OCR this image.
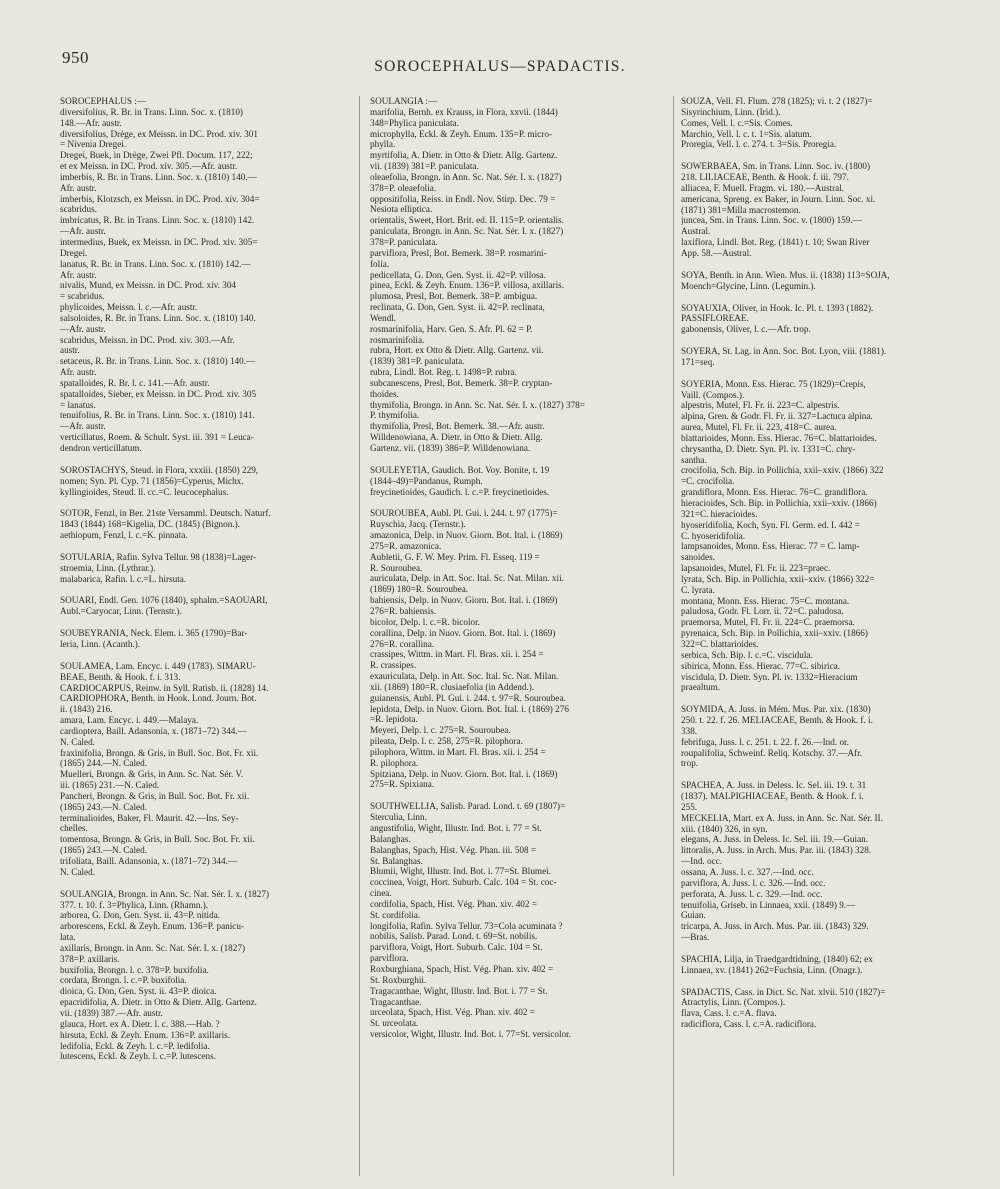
950	SOROCEPHALUS—SPADACTIS.
SOROCEPHALUS :—
diversifolius, R. Br. in Trans. Linn. Soc. x. (1810)
148.—Afr. austr.
diversifolius, Drège, ex Meissn. in DC. Prod. xiv. 301
= Nivenia Dregei.
Dregei, Buek, in Drège, Zwei Pfl. Docum. 117, 222;
et ex Meissn. in DC. Prod. xiv. 305.—Afr. austr.
imberbis, R. Br. in Trans. Linn. Soc. x. (1810) 140.—
Afr. austr.
imberbis, Klotzsch, ex Meissn. in DC. Prod. xiv. 304=
scabridus.
imbricatus, R. Br. in Trans. Linn. Soc. x. (1810) 142.
—Afr. austr.
intermedius, Buek, ex Meissn. in DC. Prod. xiv. 305=
Dregei.
lanatus, R. Br. in Trans. Linn. Soc. x. (1810) 142.—
Afr. austr.
nivalis, Mund, ex Meissn. in DC. Prod. xiv. 304
= scabridus.
phylicoides, Meissn. l. c.—Afr. austr.
salsoloides, R. Br. in Trans. Linn. Soc. x. (1810) 140.
—Afr. austr.
scabridus, Meissn. in DC. Prod. xiv. 303.—Afr.
austr.
setaceus, R. Br. in Trans. Linn. Soc. x. (1810) 140.—
Afr. austr.
spatalloides, R. Br. l. c. 141.—Afr. austr.
spatalloides, Sieber, ex Meissn. in DC. Prod. xiv. 305
= lanatus.
tenuifolius, R. Br. in Trans. Linn. Soc. x. (1810) 141.
—Afr. austr.
verticillatus, Roem. & Schult. Syst. iii. 391 = Leuca-
dendron verticillatum.
SOROSTACHYS, Steud. in Flora, xxxiii. (1850) 229,
nomen; Syn. Pl. Cyp. 71 (1856)=Cyperus, Michx.
kyllingioides, Steud. ll. cc.=C. leucocephalus.
SOTOR, Fenzl, in Ber. 21ste Versamml. Deutsch. Naturf.
1843 (1844) 168=Kigelia, DC. (1845) (Bignon.).
aethiopum, Fenzl, l. c.=K. pinnata.
SOTULARIA, Rafin. Sylva Tellur. 98 (1838)=Lager-
stroemia, Linn. (Lythrar.).
malabarica, Rafin. l. c.=L. hirsuta.
SOUARI, Endl. Gen. 1076 (1840), sphalm.=SAOUARI,
Aubl.=Caryocar, Linn. (Ternstr.).
SOUBEYRANIA, Neck. Elem. i. 365 (1790)=Bar-
leria, Linn. (Acanth.).
SOULAMEA, Lam. Encyc. i. 449 (1783). SIMARU-
BEAE, Benth. & Hook. f. i. 313.
CARDIOCARPUS, Reinw. in Syll. Ratisb. ii. (1828) 14.
CARDIOPHORA, Benth. in Hook. Lond. Journ. Bot.
ii. (1843) 216.
amara, Lam. Encyc. i. 449.—Malaya.
cardioptera, Baill. Adansonia, x. (1871–72) 344.—
N. Caled.
fraxinifolia, Brongn. & Gris, in Bull. Soc. Bot. Fr. xii.
(1865) 244.—N. Caled.
Muelleri, Brongn. & Gris, in Ann. Sc. Nat. Sér. V.
iii. (1865) 231.—N. Caled.
Pancheri, Brongn. & Gris, in Bull. Soc. Bot. Fr. xii.
(1865) 243.—N. Caled.
terminalioides, Baker, Fl. Maurit. 42.—Ins. Sey-
chelles.
tomentosa, Brongn. & Gris, in Bull. Soc. Bot. Fr. xii.
(1865) 243.—N. Caled.
trifoliata, Baill. Adansonia, x. (1871–72) 344.—
N. Caled.
SOULANGIA, Brongn. in Ann. Sc. Nat. Sér. I. x. (1827)
377. t. 10. f. 3=Phylica, Linn. (Rhamn.).
arborea, G. Don, Gen. Syst. ii. 43=P. nitida.
arborescens, Eckl. & Zeyh. Enum. 136=P. panicu-
lata.
axillaris, Brongn. in Ann. Sc. Nat. Sér. I. x. (1827)
378=P. axillaris.
buxifolia, Brongn. l. c. 378=P. buxifolia.
cordata, Brongn. l. c.=P. buxifolia.
dioica, G. Don, Gen. Syst. ii. 43=P. dioica.
epacridifolia, A. Dietr. in Otto & Dietr. Allg. Gartenz.
vii. (1839) 387.—Afr. austr.
glauca, Hort. ex A. Dietr. l. c. 388.—Hab. ?
hirsuta, Eckl. & Zeyh. Enum. 136=P. axillaris.
ledifolia, Eckl. & Zeyh. l. c.=P. ledifolia.
lutescens, Eckl. & Zeyh. l. c.=P. lutescens.
SOULANGIA :—
marifolia, Bernh. ex Krauss, in Flora, xxvii. (1844)
348=Phylica paniculata.
microphylla, Eckl. & Zeyh. Enum. 135=P. micro-
phylla.
myrtifolia, A. Dietr. in Otto & Dietr. Allg. Gartenz.
vii. (1839) 381=P. paniculata.
oleaefolia, Brongn. in Ann. Sc. Nat. Sér. I. x. (1827)
378=P. oleaefolia.
oppositifolia, Reiss. in Endl. Nov. Stirp. Dec. 79 =
Nesiota elliptica.
orientalis, Sweet, Hort. Brit. ed. II. 115=P. orientalis.
paniculata, Brongn. in Ann. Sc. Nat. Sér. I. x. (1827)
378=P. paniculata.
parviflora, Presl, Bot. Bemerk. 38=P. rosmarini-
folia.
pedicellata, G. Don, Gen. Syst. ii. 42=P. villosa.
pinea, Eckl. & Zeyh. Enum. 136=P. villosa, axillaris.
plumosa, Presl, Bot. Bemerk. 38=P. ambigua.
reclinata, G. Don, Gen. Syst. ii. 42=P. reclinata,
Wendl.
rosmarinifolia, Harv. Gen. S. Afr. Pl. 62 = P.
rosmarinifolia.
rubra, Hort. ex Otto & Dietr. Allg. Gartenz. vii.
(1839) 381=P. paniculata.
rubra, Lindl. Bot. Reg. t. 1498=P. rubra.
subcanescens, Presl, Bot. Bemerk. 38=P. cryptan-
thoides.
thymifolia, Brongn. in Ann. Sc. Nat. Sér. I. x. (1827) 378=
P. thymifolia.
thymifolia, Presl, Bot. Bemerk. 38.—Afr. austr.
Willdenowiana, A. Dietr. in Otto & Dietr. Allg.
Gartenz. vii. (1839) 386=P. Willdenowiana.
SOULEYETIA, Gaudich. Bot. Voy. Bonite, t. 19
(1844–49)=Pandanus, Rumph.
freycinetioides, Gaudich. l. c.=P. freycinetioides.
SOUROUBEA, Aubl. Pl. Gui. i. 244. t. 97 (1775)=
Ruyschia, Jacq. (Ternstr.).
amazonica, Delp. in Nuov. Giorn. Bot. Ital. i. (1869)
275=R. amazonica.
Aubletii, G. F. W. Mey. Prim. Fl. Esseq. 119 =
R. Souroubea.
auriculata, Delp. in Att. Soc. Ital. Sc. Nat. Milan. xii.
(1869) 180=R. Souroubea.
bahiensis, Delp. in Nuov. Giorn. Bot. Ital. i. (1869)
276=R. bahiensis.
bicolor, Delp. l. c.=R. bicolor.
corallina, Delp. in Nuov. Giorn. Bot. Ital. i. (1869)
276=R. corallina.
crassipes, Wittm. in Mart. Fl. Bras. xii. i. 254 =
R. crassipes.
exauriculata, Delp. in Att. Soc. Ital. Sc. Nat. Milan.
xii. (1869) 180=R. clusiaefolia (in Addend.).
guianensis, Aubl. Pl. Gui. i. 244. t. 97=R. Souroubea.
lepidota, Delp. in Nuov. Giorn. Bot. Ital. i. (1869) 276
=R. lepidota.
Meyeri, Delp. l. c. 275=R. Souroubea.
pileata, Delp. l. c. 258, 275=R. pilophora.
pilophora, Wittm. in Mart. Fl. Bras. xii. i. 254 =
R. pilophora.
Spitziana, Delp. in Nuov. Giorn. Bot. Ital. i. (1869)
275=R. Spixiana.
SOUTHWELLIA, Salisb. Parad. Lond. t. 69 (1807)=
Sterculia, Linn.
angustifolia, Wight, Illustr. Ind. Bot. i. 77 = St.
Balanghas.
Balanghas, Spach, Hist. Vég. Phan. iii. 508 =
St. Balanghas.
Blumii, Wight, Illustr. Ind. Bot. i. 77=St. Blumei.
coccinea, Voigt, Hort. Suburb. Calc. 104 = St. coc-
cinea.
cordifolia, Spach, Hist. Vég. Phan. xiv. 402 =
St. cordifolia.
longifolia, Rafin. Sylva Tellur. 73=Cola acuminata ?
nobilis, Salisb. Parad. Lond. t. 69=St. nobilis.
parviflora, Voigt, Hort. Suburb. Calc. 104 = St.
parviflora.
Roxburghiana, Spach, Hist. Vég. Phan. xiv. 402 =
St. Roxburghii.
Tragacanthae, Wight, Illustr. Ind. Bot. i. 77 = St.
Tragacanthae.
urceolata, Spach, Hist. Vég. Phan. xiv. 402 =
St. urceolata.
versicolor, Wight, Illustr. Ind. Bot. i. 77=St. versicolor.
SOUZA, Vell. Fl. Flum. 278 (1825); vi. t. 2 (1827)=
Sisyrinchium, Linn. (Irid.).
Comes, Vell. l. c.=Sis. Comes.
Marchio, Vell. l. c. t. 1=Sis. alatum.
Proregia, Vell. l. c. 274. t. 3=Sis. Proregia.
SOWERBAEA, Sm. in Trans. Linn. Soc. iv. (1800)
218. LILIACEAE, Benth. & Hook. f. iii. 797.
alliacea, F. Muell. Fragm. vi. 180.—Austral.
americana, Spreng. ex Baker, in Journ. Linn. Soc. xi.
(1871) 381=Milla macrostemon.
juncea, Sm. in Trans. Linn. Soc. v. (1800) 159.—
Austral.
laxiflora, Lindl. Bot. Reg. (1841) t. 10; Swan River
App. 58.—Austral.
SOYA, Benth. in Ann. Wien. Mus. ii. (1838) 113=SOJA,
Moench=Glycine, Linn. (Legumin.).
SOYAUXIA, Oliver, in Hook. Ic. Pl. t. 1393 (1882).
PASSIFLOREAE.
gabonensis, Oliver, l. c.—Afr. trop.
SOYERA, St. Lag. in Ann. Soc. Bot. Lyon, viii. (1881).
171=seq.
SOYERIA, Monn. Ess. Hierac. 75 (1829)=Crepis,
Vaill. (Compos.).
alpestris, Mutel, Fl. Fr. ii. 223=C. alpestris.
alpina, Gren. & Godr. Fl. Fr. ii. 327=Lactuca alpina.
aurea, Mutel, Fl. Fr. ii. 223, 418=C. aurea.
blattarioides, Monn. Ess. Hierac. 76=C. blattarioides.
chrysantha, D. Dietr. Syn. Pl. iv. 1331=C. chry-
santha.
crocifolia, Sch. Bip. in Pollichia, xxii–xxiv. (1866) 322
=C. crocifolia.
grandiflora, Monn. Ess. Hierac. 76=C. grandiflora.
hieracioides, Sch. Bip. in Pollichia, xxii–xxiv. (1866)
321=C. hieracioides.
hyoseridifolia, Koch, Syn. Fl. Germ. ed. I. 442 =
C. hyoseridifolia.
lampsanoides, Monn. Ess. Hierac. 77 = C. lamp-
sanoides.
lapsanoides, Mutel, Fl. Fr. ii. 223=praec.
lyrata, Sch. Bip. in Pollichia, xxii–xxiv. (1866) 322=
C. lyrata.
montana, Monn. Ess. Hierac. 75=C. montana.
paludosa, Godr. Fl. Lorr. ii. 72=C. paludosa.
praemorsa, Mutel, Fl. Fr. ii. 224=C. praemorsa.
pyrenaica, Sch. Bip. in Pollichia, xxii–xxiv. (1866)
322=C. blattarioides.
serbica, Sch. Bip. l. c.=C. viscidula.
sibirica, Monn. Ess. Hierac. 77=C. sibirica.
viscidula, D. Dietr. Syn. Pl. iv. 1332=Hieracium
praealtum.
SOYMIDA, A. Juss. in Mém. Mus. Par. xix. (1830)
250. t. 22. f. 26. MELIACEAE, Benth. & Hook. f. i.
338.
febrifuga, Juss. l. c. 251. t. 22. f. 26.—Ind. or.
roupalifolia, Schweinf. Reliq. Kotschy. 37.—Afr.
trop.
SPACHEA, A. Juss. in Deless. Ic. Sel. iii. 19. t. 31
(1837). MALPIGHIACEAE, Benth. & Hook. f. i.
255.
MECKELIA, Mart. ex A. Juss. in Ann. Sc. Nat. Sér. II.
xiii. (1840) 326, in syn.
elegans, A. Juss. in Deless. Ic. Sel. iii. 19.—Guian.
littoralis, A. Juss. in Arch. Mus. Par. iii. (1843) 328.
—Ind. occ.
ossana, A. Juss. l. c. 327.—Ind. occ.
parviflora, A. Juss. l. c. 326.—Ind. occ.
perforata, A. Juss. l. c. 329.—Ind. occ.
tenuifolia, Griseb. in Linnaea, xxii. (1849) 9.—
Guian.
tricarpa, A. Juss. in Arch. Mus. Par. iii. (1843) 329.
—Bras.
SPACHIA, Lilja, in Traedgardtidning, (1840) 62; ex
Linnaea, xv. (1841) 262=Fuchsia, Linn. (Onagr.).
SPADACTIS, Cass. in Dict. Sc. Nat. xlvii. 510 (1827)=
Atractylis, Linn. (Compos.).
flava, Cass. l. c.=A. flava.
radiciflora, Cass. l. c.=A. radiciflora.
